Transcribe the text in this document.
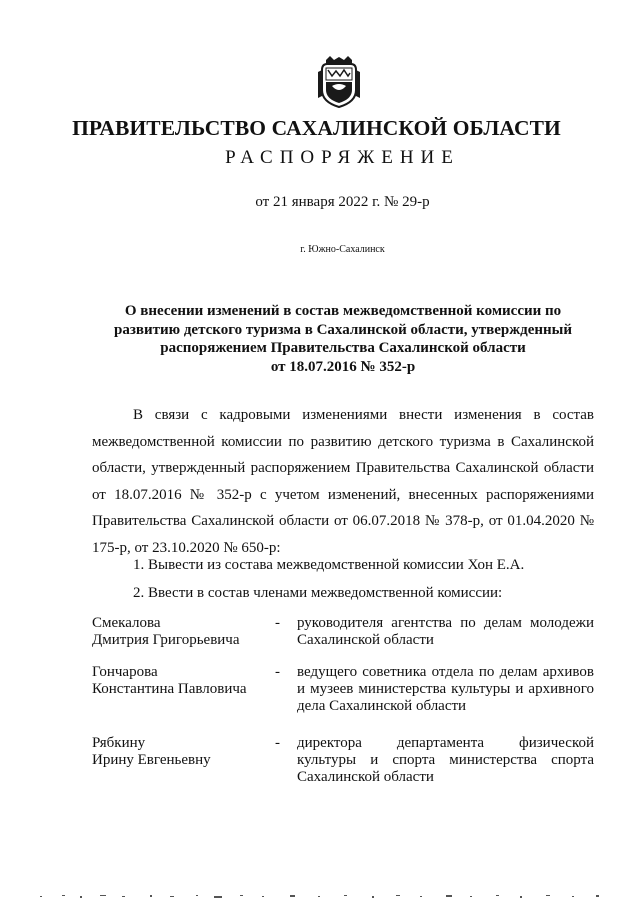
ПРАВИТЕЛЬСТВО САХАЛИНСКОЙ ОБЛАСТИ
РАСПОРЯЖЕНИЕ
от 21 января 2022 г. № 29-р
г. Южно-Сахалинск
О внесении изменений в состав межведомственной комиссии по
развитию детского туризма в Сахалинской области, утвержденный
распоряжением Правительства Сахалинской области
от 18.07.2016 № 352-р
В связи с кадровыми изменениями внести изменения в состав межведомственной комиссии по развитию детского туризма в Сахалинской области, утвержденный распоряжением Правительства Сахалинской области от 18.07.2016 № 352-р с учетом изменений, внесенных распоряжениями Правительства Сахалинской области от 06.07.2018 № 378-р, от 01.04.2020 № 175-р, от 23.10.2020 № 650-р:
1. Вывести из состава межведомственной комиссии Хон Е.А.
2. Ввести в состав членами межведомственной комиссии:
Смекалова
Дмитрия Григорьевича
- руководителя агентства по делам молодежи Сахалинской области
Гончарова
Константина Павловича
- ведущего советника отдела по делам архивов и музеев министерства культуры и архивного дела Сахалинской области
Рябкину
Ирину Евгеньевну
- директора департамента физической культуры и спорта министерства спорта Сахалинской области
